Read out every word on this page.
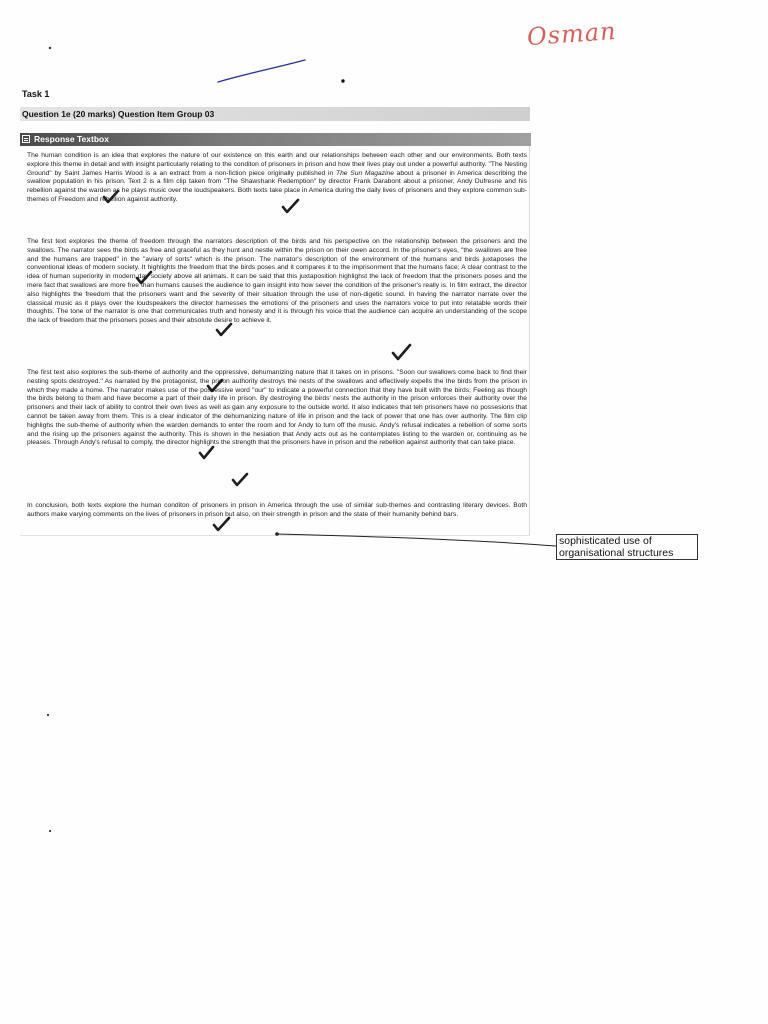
Osman
Task 1
Question 1e (20 marks) Question Item Group 03
Response Textbox

The human condition is an idea that explores the nature of our existence on this earth and our relationships between each other and our environments. Both texts explore this theme in detail and with insight particularly relating to the conditon of prisoners in prison and how their lives play out under a powerful authority. "The Nesting Ground" by Saint James Harris Wood is a an extract from a non-fiction piece originally published in The Sun Magazine about a prisoner in America describing the swallow population in his prison. Text 2 is a film clip taken from "The Shawshank Redemption" by director Frank Darabont about a prisoner, Andy Dufresne and his rebellion against the warden as he plays music over the loudspeakers. Both texts take place in America during the daily lives of prisoners and they explore common sub-themes of Freedom and rebellion against authority.

The first text explores the theme of freedom through the narrators description of the birds and his perspective on the relationship between the prisoners and the swallows. The narrator sees the birds as free and graceful as they hunt and nestle within the prison on their owen accord. In the prisoner's eyes, "the swallows are free and the humans are trapped" in the "aviary of sorts" which is the prison. The narrator's description of the environment of the humans and birds juxtaposes the conventional ideas of modern society. It highlights the freedom that the birds poses and it compares it to the imprisonment that the humans face; A clear contrast to the idea of human superiority in modern day society above all animals. It can be said that this juxtaposition highlighst the lack of freedom that the prisoners poses and the mere fact that swallows are more free than humans causes the audience to gain insight into how sever the condition of the prisoner's really is. In film extract, the director also highlights the freedom that the prisoners want and the severity of their situation through the use of non-digetic sound. In having the narrator narrate over the classical music as it plays over the loudspeakers the director harnesses the emotions of the prisoners and uses the narrators voice to put into relatable words their thoughts. The tone of the narrator is one that communicates truth and honesty and it is through his voice that the audience can acquire an understanding of the scope the lack of freedom that the prisoners poses and their absolute desire to achieve it.

The first text also explores the sub-theme of authority and the oppressive, dehumanizing nature that it takes on in prisons. "Soon our swallows come back to find their nesting spots destroyed." As narrated by the protagonist, the prison authority destroys the nests of the swallows and effectively expells the the birds from the prison in which they made a home. The narrator makes use of the possessive word "our" to indicate a powerful connection that they have built with the birds; Feeling as though the birds belong to them and have become a part of their daily life in prison. By destroying the birds' nests the authority in the prison enforces their authority over the prisoners and their lack of ability to control their own lives as well as gain any exposure to the outside world. It also indicates that teh prisoners have no possesions that cannot be taken away from them. This is a clear indicator of the dehumanizing nature of life in prison and the lack of power that one has over authority. The film clip highlighs the sub-theme of authority when the warden demands to enter the room and for Andy to turn off the music. Andy's refusal indicates a rebellion of some sorts and the rising up the prisoners against the authority. This is shown in the hesiation that Andy acts out as he contemplates listing to the warden or, continuing as he pleases. Through Andy's refusal to comply, the director highlights the strength that the prisoners have in prison and the rebellion against authority that can take place.

In conclusion, both texts explore the human conditon of prisoners in prison in America through the use of similar sub-themes and contrasting literary devices. Both authors make varying comments on the lives of prisoners in prison but also, on their strength in prison and the state of their humanity behind bars.

sophisticated use of organisational structures
